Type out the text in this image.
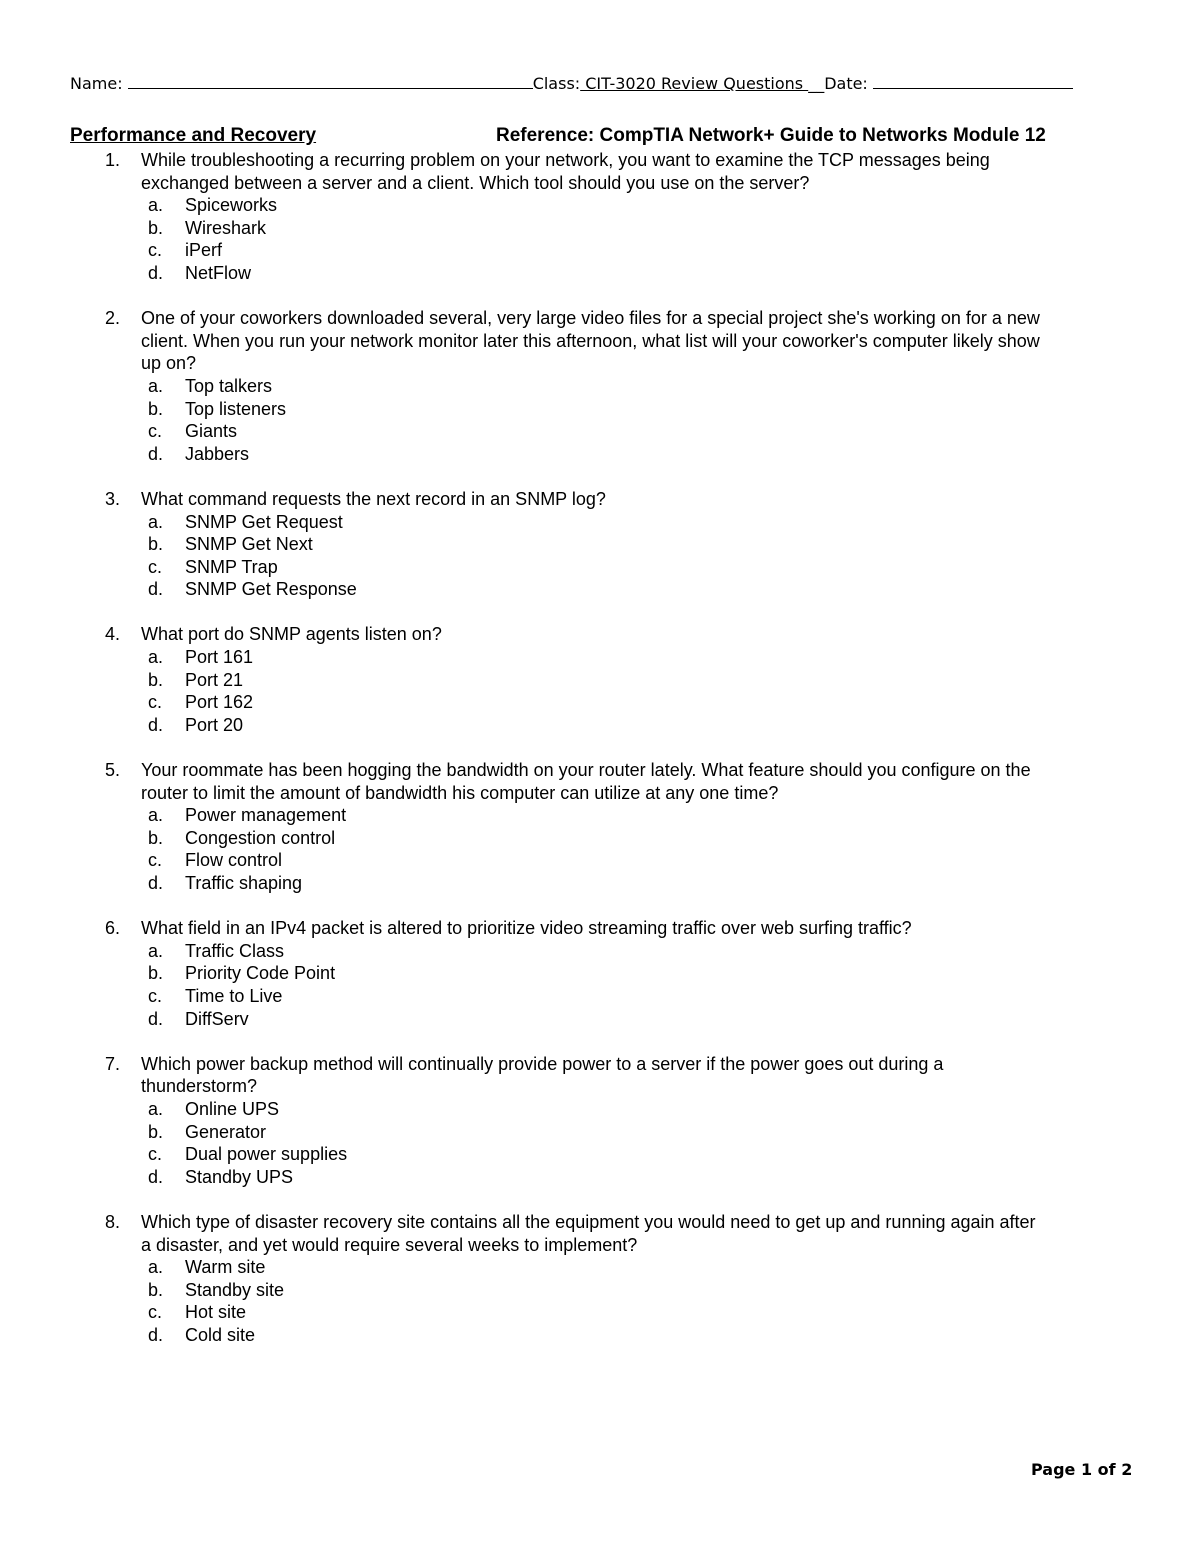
Name:	Class: CIT-3020 Review Questions __Date:
Performance and Recovery	Reference: CompTIA Network+ Guide to Networks Module 12
1.	While troubleshooting a recurring problem on your network, you want to examine the TCP messages being
exchanged between a server and a client. Which tool should you use on the server?
a.	Spiceworks
b.	Wireshark
c.	iPerf
d.	NetFlow
2.	One of your coworkers downloaded several, very large video files for a special project she's working on for a new
client. When you run your network monitor later this afternoon, what list will your coworker's computer likely show
up on?
a.	Top talkers
b.	Top listeners
c.	Giants
d.	Jabbers
3.	What command requests the next record in an SNMP log?
a.	SNMP Get Request
b.	SNMP Get Next
c.	SNMP Trap
d.	SNMP Get Response
4.	What port do SNMP agents listen on?
a.	Port 161
b.	Port 21
c.	Port 162
d.	Port 20
5.	Your roommate has been hogging the bandwidth on your router lately. What feature should you configure on the
router to limit the amount of bandwidth his computer can utilize at any one time?
a.	Power management
b.	Congestion control
c.	Flow control
d.	Traffic shaping
6.	What field in an IPv4 packet is altered to prioritize video streaming traffic over web surfing traffic?
a.	Traffic Class
b.	Priority Code Point
c.	Time to Live
d.	DiffServ
7.	Which power backup method will continually provide power to a server if the power goes out during a
thunderstorm?
a.	Online UPS
b.	Generator
c.	Dual power supplies
d.	Standby UPS
8.	Which type of disaster recovery site contains all the equipment you would need to get up and running again after
a disaster, and yet would require several weeks to implement?
a.	Warm site
b.	Standby site
c.	Hot site
d.	Cold site
Page 1 of 2
